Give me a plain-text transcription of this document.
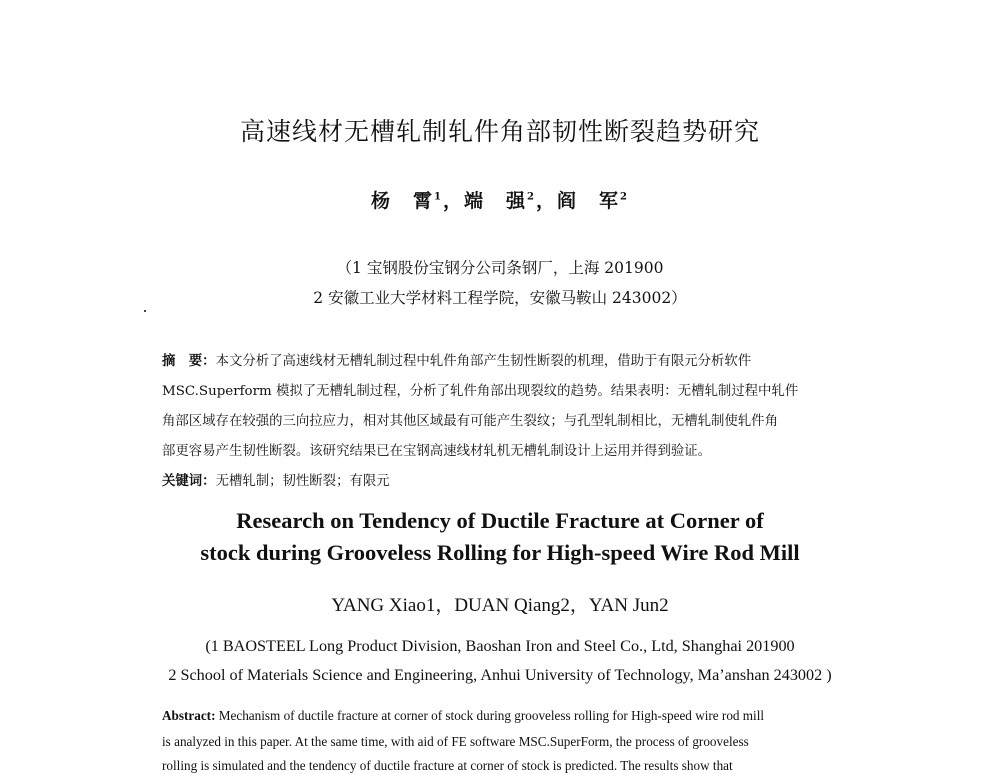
高速线材无槽轧制轧件角部韧性断裂趋势研究
杨　霄$^1$，端　强$^2$，阎　军$^2$
（1 宝钢股份宝钢分公司条钢厂，上海 201900
2 安徽工业大学材料工程学院，安徽马鞍山 243002）
摘　要：本文分析了高速线材无槽轧制过程中轧件角部产生韧性断裂的机理，借助于有限元分析软件
MSC.Superform 模拟了无槽轧制过程，分析了轧件角部出现裂纹的趋势。结果表明：无槽轧制过程中轧件
角部区域存在较强的三向拉应力，相对其他区域最有可能产生裂纹；与孔型轧制相比，无槽轧制使轧件角
部更容易产生韧性断裂。该研究结果已在宝钢高速线材轧机无槽轧制设计上运用并得到验证。
关键词：无槽轧制；韧性断裂；有限元
Research on Tendency of Ductile Fracture at Corner of
stock during Grooveless Rolling for High-speed Wire Rod Mill
YANG Xiao1，DUAN Qiang2，YAN Jun2
(1 BAOSTEEL Long Product Division, Baoshan Iron and Steel Co., Ltd, Shanghai 201900
2 School of Materials Science and Engineering, Anhui University of Technology, Ma’anshan 243002 )
Abstract: Mechanism of ductile fracture at corner of stock during grooveless rolling for High-speed wire rod mill
is analyzed in this paper. At the same time, with aid of FE software MSC.SuperForm, the process of grooveless
rolling is simulated and the tendency of ductile fracture at corner of stock is predicted. The results show that
